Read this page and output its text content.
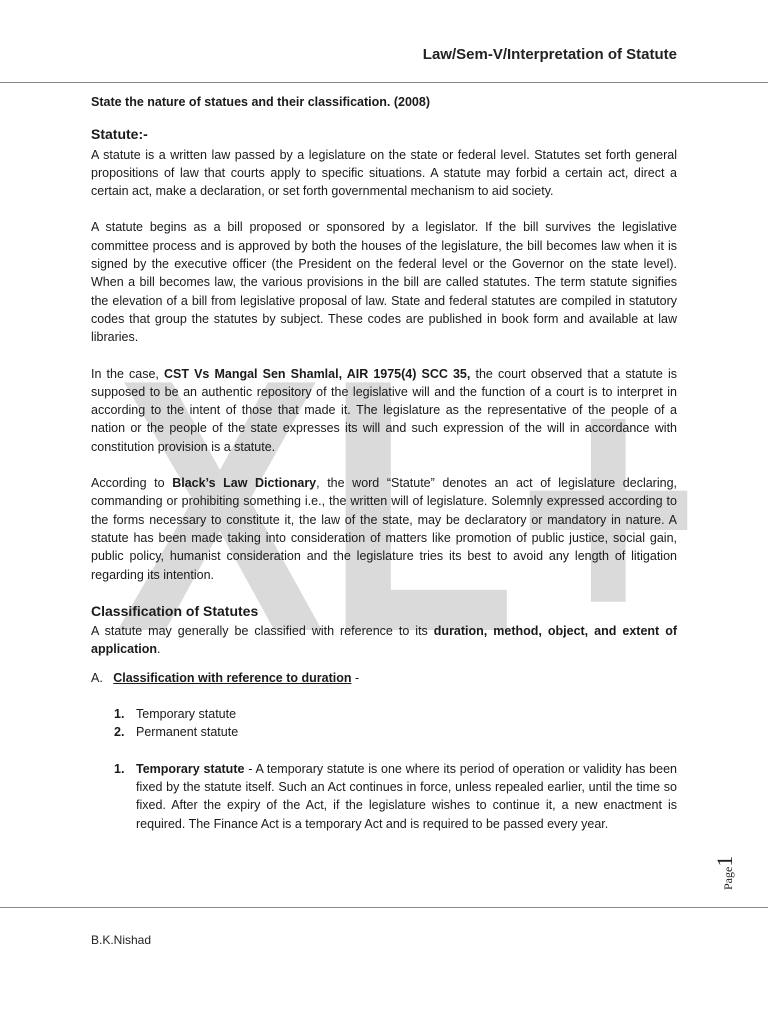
XL+
Law/Sem-V/Interpretation of Statute

State the nature of statues and their classification. (2008)

Statute:-

A statute is a written law passed by a legislature on the state or federal level. Statutes set forth general propositions of law that courts apply to specific situations. A statute may forbid a certain act, direct a certain act, make a declaration, or set forth governmental mechanism to aid society.

A statute begins as a bill proposed or sponsored by a legislator. If the bill survives the legislative committee process and is approved by both the houses of the legislature, the bill becomes law when it is signed by the executive officer (the President on the federal level or the Governor on the state level). When a bill becomes law, the various provisions in the bill are called statutes. The term statute signifies the elevation of a bill from legislative proposal of law. State and federal statutes are compiled in statutory codes that group the statutes by subject. These codes are published in book form and available at law libraries.

In the case, CST Vs Mangal Sen Shamlal, AIR 1975(4) SCC 35, the court observed that a statute is supposed to be an authentic repository of the legislative will and the function of a court is to interpret in according to the intent of those that made it. The legislature as the representative of the people of a nation or the people of the state expresses its will and such expression of the will in accordance with constitution provision is a statute.

According to Black’s Law Dictionary, the word “Statute” denotes an act of legislature declaring, commanding or prohibiting something i.e., the written will of legislature. Solemnly expressed according to the forms necessary to constitute it, the law of the state, may be declaratory or mandatory in nature. A statute has been made taking into consideration of matters like promotion of public justice, social gain, public policy, humanist consideration and the legislature tries its best to avoid any length of litigation regarding its intention.

Classification of Statutes

A statute may generally be classified with reference to its duration, method, object, and extent of application.

A. Classification with reference to duration -
1. Temporary statute
2. Permanent statute
1. Temporary statute - A temporary statute is one where its period of operation or validity has been fixed by the statute itself. Such an Act continues in force, unless repealed earlier, until the time so fixed. After the expiry of the Act, if the legislature wishes to continue it, a new enactment is required. The Finance Act is a temporary Act and is required to be passed every year.

Page1
B.K.Nishad
